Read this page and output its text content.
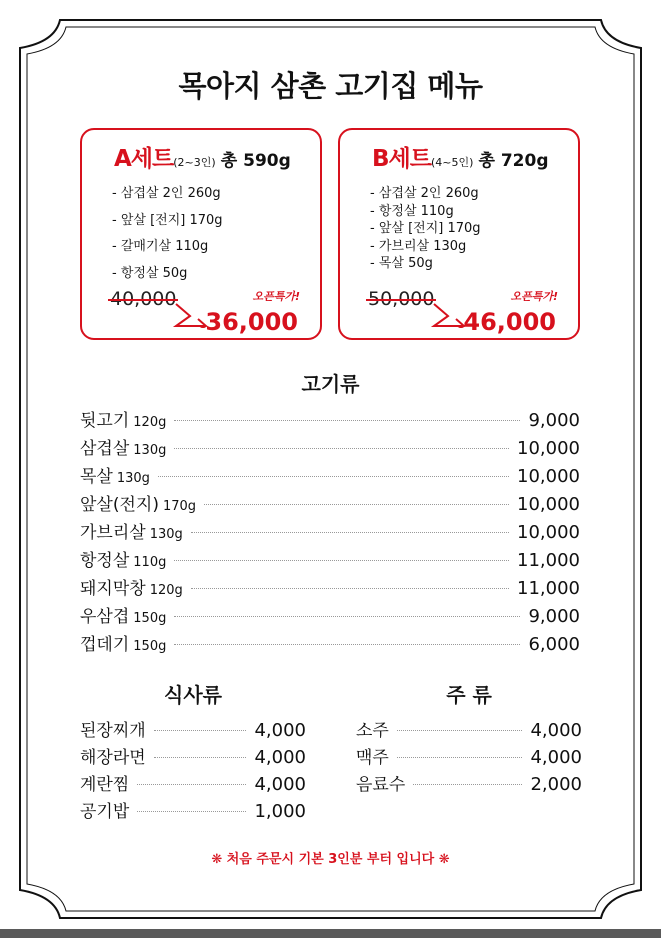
목아지 삼촌 고기집 메뉴
A세트(2~3인) 총 590g
- 삼겹살 2인 260g
- 앞살 [전지] 170g
- 갈매기살 110g
- 항정살 50g
40,000	오픈특가!
36,000
B세트(4~5인) 총 720g
- 삼겹살 2인 260g
- 항정살 110g
- 앞살 [전지] 170g
- 가브리살 130g
- 목살 50g
50,000	오픈특가!
46,000
고기류
뒷고기 120g	9,000
삼겹살 130g	10,000
목살 130g	10,000
앞살(전지) 170g	10,000
가브리살 130g	10,000
항정살 110g	11,000
돼지막창 120g	11,000
우삼겹 150g	9,000
껍데기 150g	6,000
식사류
된장찌개	4,000
해장라면	4,000
계란찜	4,000
공기밥	1,000
주 류
소주	4,000
맥주	4,000
음료수	2,000
❋ 처음 주문시 기본 3인분 부터 입니다 ❋
